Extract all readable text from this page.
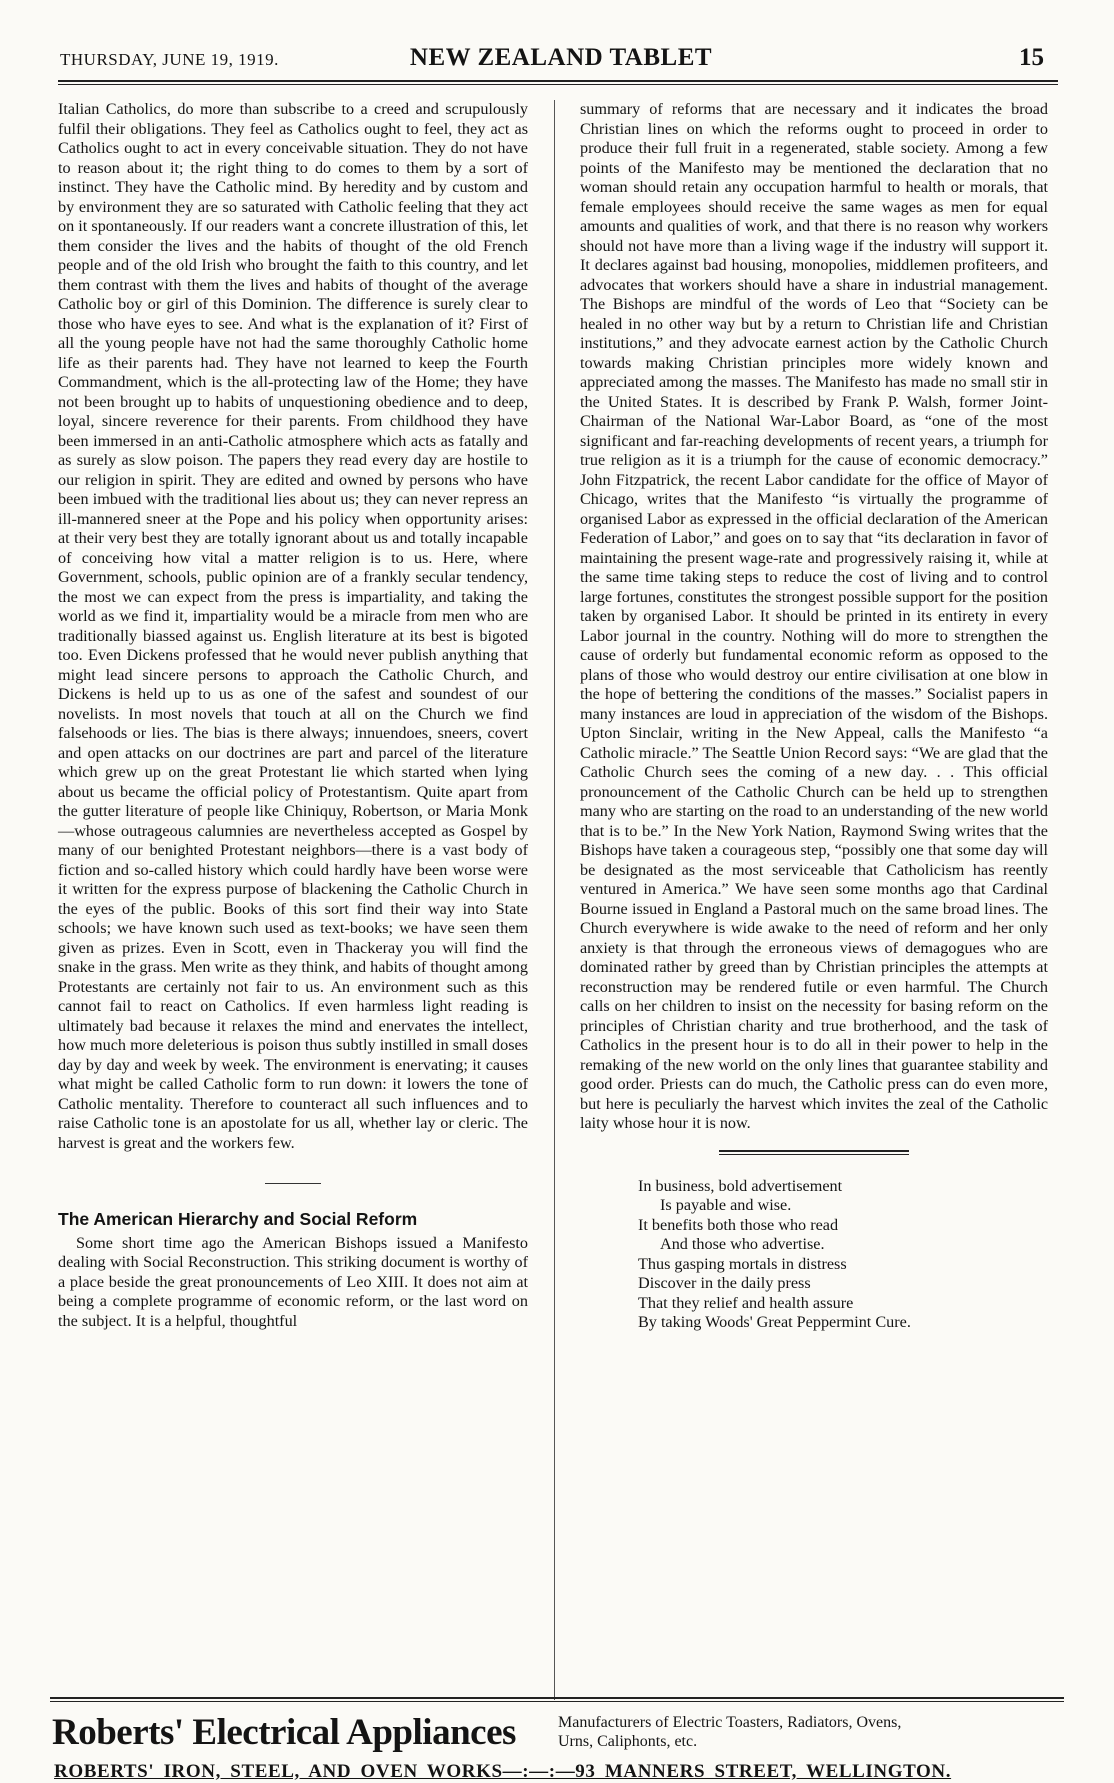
THURSDAY, JUNE 19, 1919.	NEW ZEALAND TABLET	15

Italian Catholics, do more than subscribe to a creed and scrupulously fulfil their obligations. They feel as Catholics ought to feel, they act as Catholics ought to act in every conceivable situation. They do not have to reason about it; the right thing to do comes to them by a sort of instinct. They have the Catholic mind. By heredity and by custom and by environment they are so saturated with Catholic feeling that they act on it spontaneously. If our readers want a concrete illustration of this, let them consider the lives and the habits of thought of the old French people and of the old Irish who brought the faith to this country, and let them contrast with them the lives and habits of thought of the average Catholic boy or girl of this Dominion. The difference is surely clear to those who have eyes to see. And what is the explanation of it? First of all the young people have not had the same thoroughly Catholic home life as their parents had. They have not learned to keep the Fourth Commandment, which is the all-protecting law of the Home; they have not been brought up to habits of unquestioning obedience and to deep, loyal, sincere reverence for their parents. From childhood they have been immersed in an anti-Catholic atmosphere which acts as fatally and as surely as slow poison. The papers they read every day are hostile to our religion in spirit. They are edited and owned by persons who have been imbued with the traditional lies about us; they can never repress an ill-mannered sneer at the Pope and his policy when opportunity arises: at their very best they are totally ignorant about us and totally incapable of conceiving how vital a matter religion is to us. Here, where Government, schools, public opinion are of a frankly secular tendency, the most we can expect from the press is impartiality, and taking the world as we find it, impartiality would be a miracle from men who are traditionally biassed against us. English literature at its best is bigoted too. Even Dickens professed that he would never publish anything that might lead sincere persons to approach the Catholic Church, and Dickens is held up to us as one of the safest and soundest of our novelists. In most novels that touch at all on the Church we find falsehoods or lies. The bias is there always; innuendoes, sneers, covert and open attacks on our doctrines are part and parcel of the literature which grew up on the great Protestant lie which started when lying about us became the official policy of Protestantism. Quite apart from the gutter literature of people like Chiniquy, Robertson, or Maria Monk—whose outrageous calumnies are nevertheless accepted as Gospel by many of our benighted Protestant neighbors—there is a vast body of fiction and so-called history which could hardly have been worse were it written for the express purpose of blackening the Catholic Church in the eyes of the public. Books of this sort find their way into State schools; we have known such used as text-books; we have seen them given as prizes. Even in Scott, even in Thackeray you will find the snake in the grass. Men write as they think, and habits of thought among Protestants are certainly not fair to us. An environment such as this cannot fail to react on Catholics. If even harmless light reading is ultimately bad because it relaxes the mind and enervates the intellect, how much more deleterious is poison thus subtly instilled in small doses day by day and week by week. The environment is enervating; it causes what might be called Catholic form to run down: it lowers the tone of Catholic mentality. Therefore to counteract all such influences and to raise Catholic tone is an apostolate for us all, whether lay or cleric. The harvest is great and the workers few.

The American Hierarchy and Social Reform

Some short time ago the American Bishops issued a Manifesto dealing with Social Reconstruction. This striking document is worthy of a place beside the great pronouncements of Leo XIII. It does not aim at being a complete programme of economic reform, or the last word on the subject. It is a helpful, thoughtful

summary of reforms that are necessary and it indicates the broad Christian lines on which the reforms ought to proceed in order to produce their full fruit in a regenerated, stable society. Among a few points of the Manifesto may be mentioned the declaration that no woman should retain any occupation harmful to health or morals, that female employees should receive the same wages as men for equal amounts and qualities of work, and that there is no reason why workers should not have more than a living wage if the industry will support it. It declares against bad housing, monopolies, middlemen profiteers, and advocates that workers should have a share in industrial management. The Bishops are mindful of the words of Leo that “Society can be healed in no other way but by a return to Christian life and Christian institutions,” and they advocate earnest action by the Catholic Church towards making Christian principles more widely known and appreciated among the masses. The Manifesto has made no small stir in the United States. It is described by Frank P. Walsh, former Joint-Chairman of the National War-Labor Board, as “one of the most significant and far-reaching developments of recent years, a triumph for true religion as it is a triumph for the cause of economic democracy.” John Fitzpatrick, the recent Labor candidate for the office of Mayor of Chicago, writes that the Manifesto “is virtually the programme of organised Labor as expressed in the official declaration of the American Federation of Labor,” and goes on to say that “its declaration in favor of maintaining the present wage-rate and progressively raising it, while at the same time taking steps to reduce the cost of living and to control large fortunes, constitutes the strongest possible support for the position taken by organised Labor. It should be printed in its entirety in every Labor journal in the country. Nothing will do more to strengthen the cause of orderly but fundamental economic reform as opposed to the plans of those who would destroy our entire civilisation at one blow in the hope of bettering the conditions of the masses.” Socialist papers in many instances are loud in appreciation of the wisdom of the Bishops. Upton Sinclair, writing in the New Appeal, calls the Manifesto “a Catholic miracle.” The Seattle Union Record says: “We are glad that the Catholic Church sees the coming of a new day. . . This official pronouncement of the Catholic Church can be held up to strengthen many who are starting on the road to an understanding of the new world that is to be.” In the New York Nation, Raymond Swing writes that the Bishops have taken a courageous step, “possibly one that some day will be designated as the most serviceable that Catholicism has reently ventured in America.” We have seen some months ago that Cardinal Bourne issued in England a Pastoral much on the same broad lines. The Church everywhere is wide awake to the need of reform and her only anxiety is that through the erroneous views of demagogues who are dominated rather by greed than by Christian principles the attempts at reconstruction may be rendered futile or even harmful. The Church calls on her children to insist on the necessity for basing reform on the principles of Christian charity and true brotherhood, and the task of Catholics in the present hour is to do all in their power to help in the remaking of the new world on the only lines that guarantee stability and good order. Priests can do much, the Catholic press can do even more, but here is peculiarly the harvest which invites the zeal of the Catholic laity whose hour it is now.

In business, bold advertisement
Is payable and wise.
It benefits both those who read
And those who advertise.
Thus gasping mortals in distress
Discover in the daily press
That they relief and health assure
By taking Woods' Great Peppermint Cure.
Roberts' Electrical Appliances	Manufacturers of Electric Toasters, Radiators, Ovens,
Urns, Caliphonts, etc.
ROBERTS' IRON, STEEL, AND OVEN WORKS—:—:—93 MANNERS STREET, WELLINGTON.
